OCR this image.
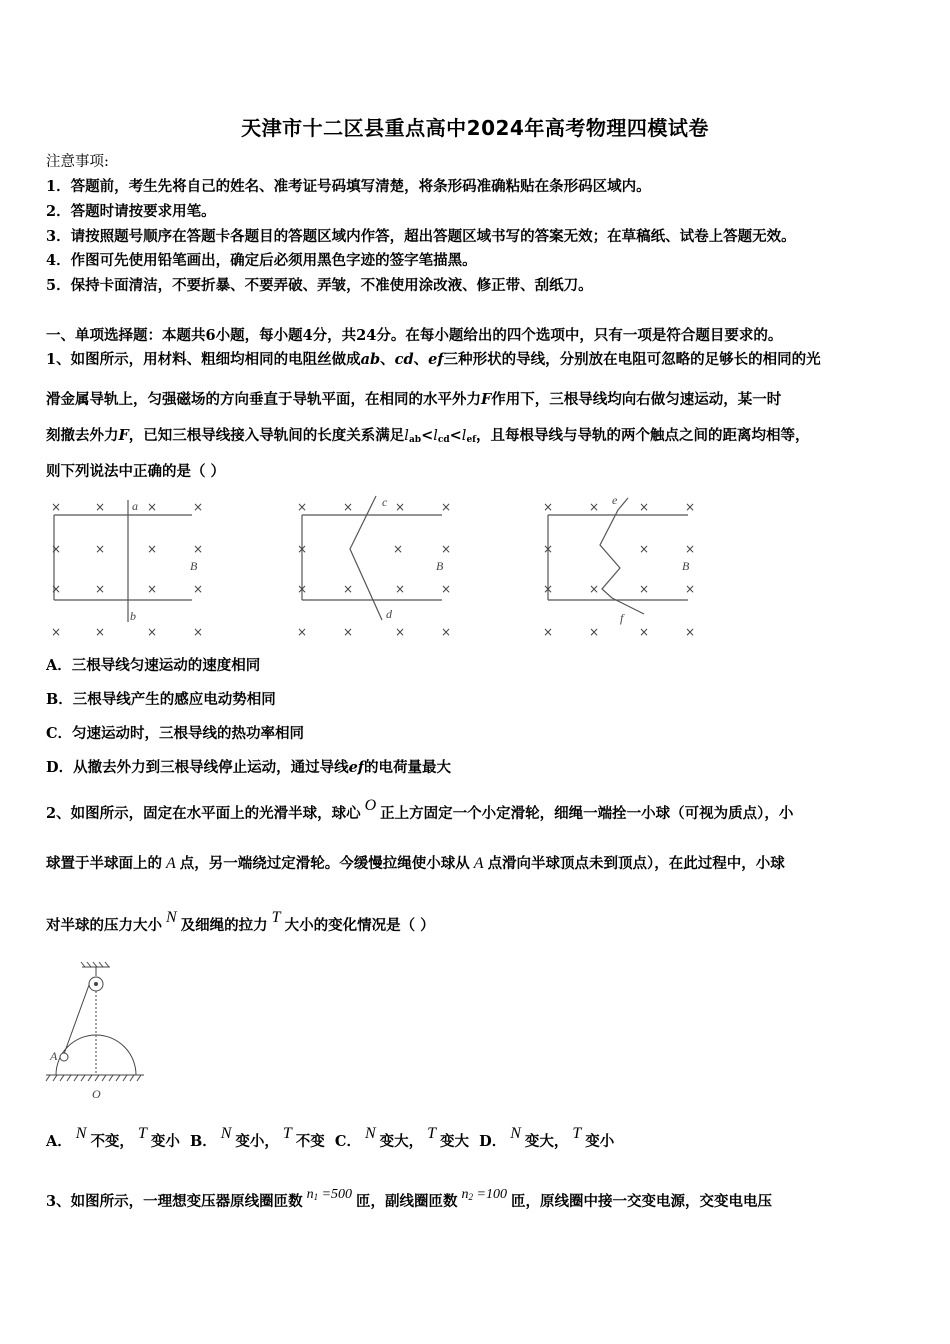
天津市十二区县重点高中2024年高考物理四模试卷
注意事项:
1．答题前，考生先将自己的姓名、准考证号码填写清楚，将条形码准确粘贴在条形码区域内。
2．答题时请按要求用笔。
3．请按照题号顺序在答题卡各题目的答题区域内作答，超出答题区域书写的答案无效；在草稿纸、试卷上答题无效。
4．作图可先使用铅笔画出，确定后必须用黑色字迹的签字笔描黑。
5．保持卡面清洁，不要折暴、不要弄破、弄皱，不准使用涂改液、修正带、刮纸刀。
一、单项选择题：本题共6小题，每小题4分，共24分。在每小题给出的四个选项中，只有一项是符合题目要求的。
1、如图所示，用材料、粗细均相同的电阻丝做成ab、cd、ef三种形状的导线，分别放在电阻可忽略的足够长的相同的光
滑金属导轨上，匀强磁场的方向垂直于导轨平面，在相同的水平外力F作用下，三根导线均向右做匀速运动，某一时
刻撤去外力F，已知三根导线接入导轨间的长度关系满足$l_{ab}<l_{cd}<l_{ef}$，且每根导线与导轨的两个触点之间的距离均相等，
则下列说法中正确的是（ ）
×	×	×	×
×	×	×	×
×	×	×	×
×	×	×	×
×	×	×	×
×	×	×
×	×	×	×
×	×	×	×
×	×	×	×
×	×	×
×	×	×	×
×	×	×	×
a
b
B
c
d
B
e
f
B
A．三根导线匀速运动的速度相同
B．三根导线产生的感应电动势相同
C．匀速运动时，三根导线的热功率相同
D．从撤去外力到三根导线停止运动，通过导线ef的电荷量最大
2、如图所示，固定在水平面上的光滑半球，球心 O 正上方固定一个小定滑轮，细绳一端拴一小球（可视为质点），小
球置于半球面上的 A 点，另一端绕过定滑轮。今缓慢拉绳使小球从 A 点滑向半球顶点未到顶点），在此过程中，小球
对半球的压力大小 N 及细绳的拉力 T 大小的变化情况是（ ）
A
O
A． N 不变， T 变小 B． N 变小， T 不变 C． N 变大， T 变大 D． N 变大， T 变小
3、如图所示，一理想变压器原线圈匝数 $n_1 =500$ 匝，副线圈匝数 $n_2 =100$ 匝，原线圈中接一交变电源，交变电电压
